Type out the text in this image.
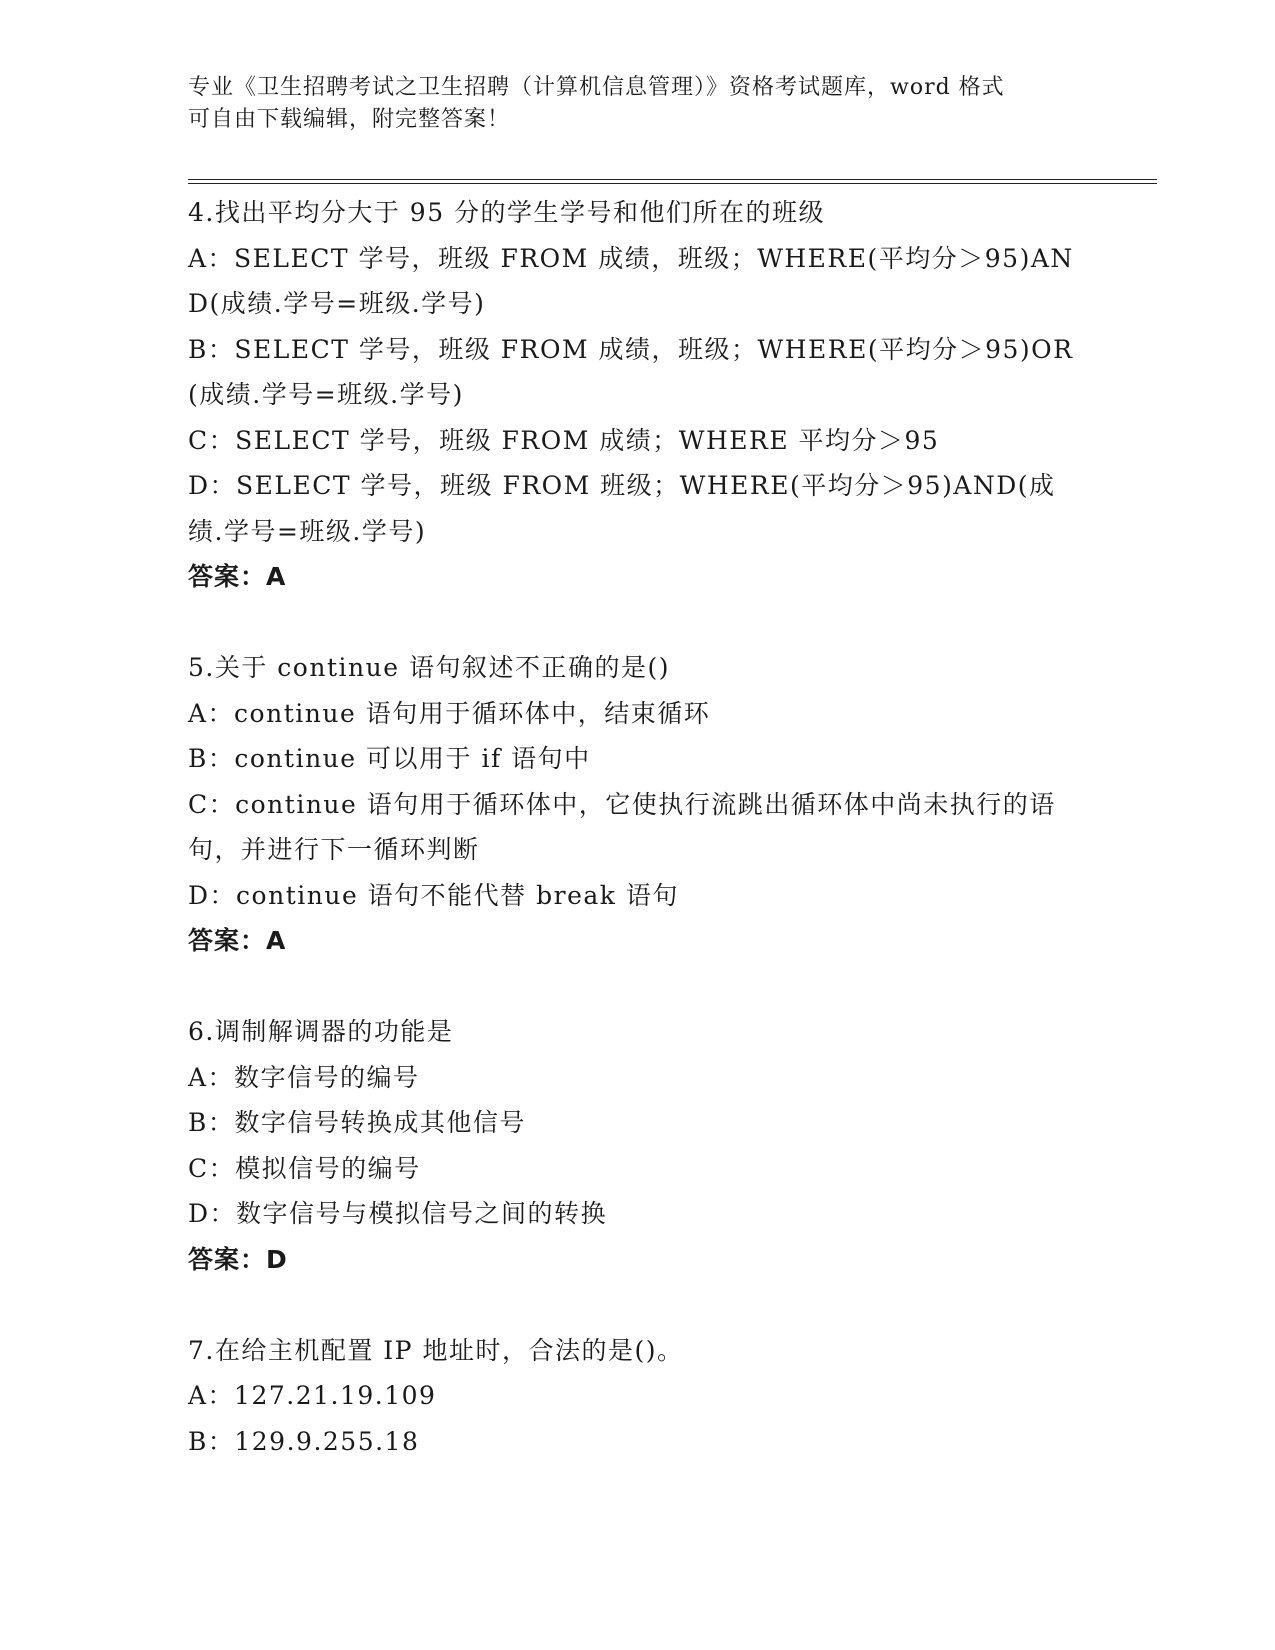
专业《卫生招聘考试之卫生招聘（计算机信息管理）》资格考试题库，word 格式
可自由下载编辑，附完整答案！
4.找出平均分大于 95 分的学生学号和他们所在的班级
A：SELECT 学号，班级 FROM 成绩，班级；WHERE(平均分＞95)AND(成绩.学号=班级.学号)
B：SELECT 学号，班级 FROM 成绩，班级；WHERE(平均分＞95)OR(成绩.学号=班级.学号)
C：SELECT 学号，班级 FROM 成绩；WHERE 平均分＞95
D：SELECT 学号，班级 FROM 班级；WHERE(平均分＞95)AND(成绩.学号=班级.学号)
答案：A
5.关于 continue 语句叙述不正确的是()
A：continue 语句用于循环体中，结束循环
B：continue 可以用于 if 语句中
C：continue 语句用于循环体中，它使执行流跳出循环体中尚未执行的语句，并进行下一循环判断
D：continue 语句不能代替 break 语句
答案：A
6.调制解调器的功能是
A：数字信号的编号
B：数字信号转换成其他信号
C：模拟信号的编号
D：数字信号与模拟信号之间的转换
答案：D
7.在给主机配置 IP 地址时，合法的是()。
A：127.21.19.109
B：129.9.255.18
